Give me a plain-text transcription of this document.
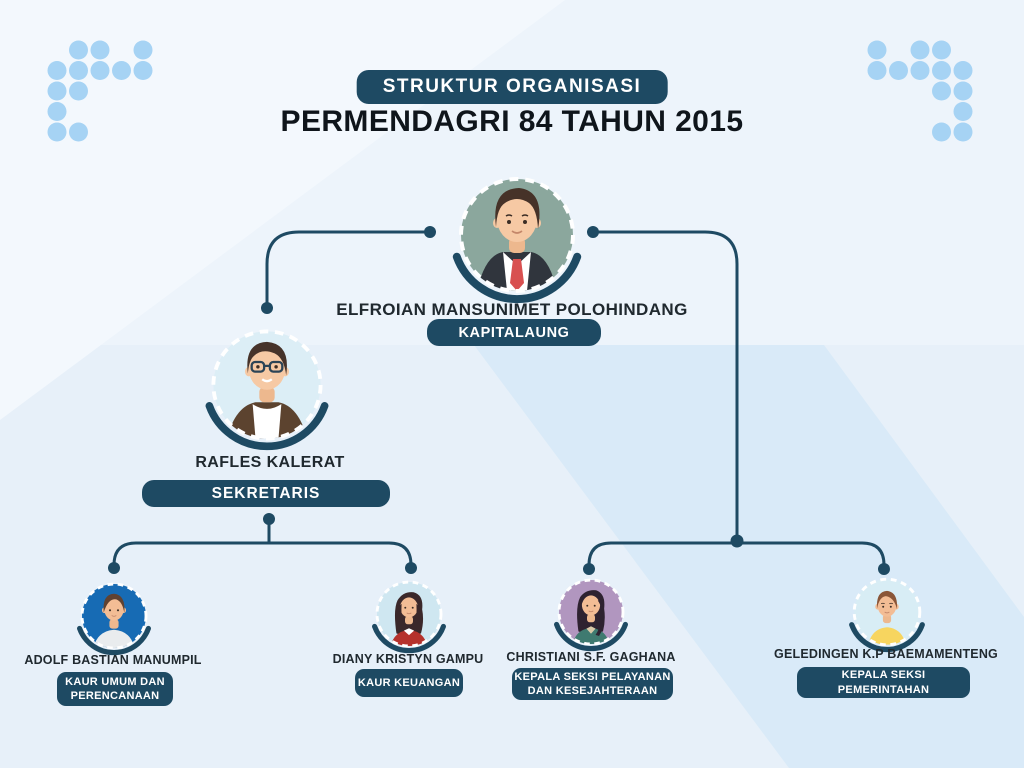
STRUKTUR ORGANISASI
PERMENDAGRI 84 TAHUN 2015
ELFROIAN MANSUNIMET POLOHINDANG
KAPITALAUNG
RAFLES KALERAT
SEKRETARIS
ADOLF BASTIAN MANUMPIL
KAUR UMUM DAN
PERENCANAAN
DIANY KRISTYN GAMPU
KAUR KEUANGAN
CHRISTIANI S.F. GAGHANA
KEPALA SEKSI PELAYANAN
DAN KESEJAHTERAAN
GELEDINGEN K.P BAEMAMENTENG
KEPALA SEKSI
PEMERINTAHAN
